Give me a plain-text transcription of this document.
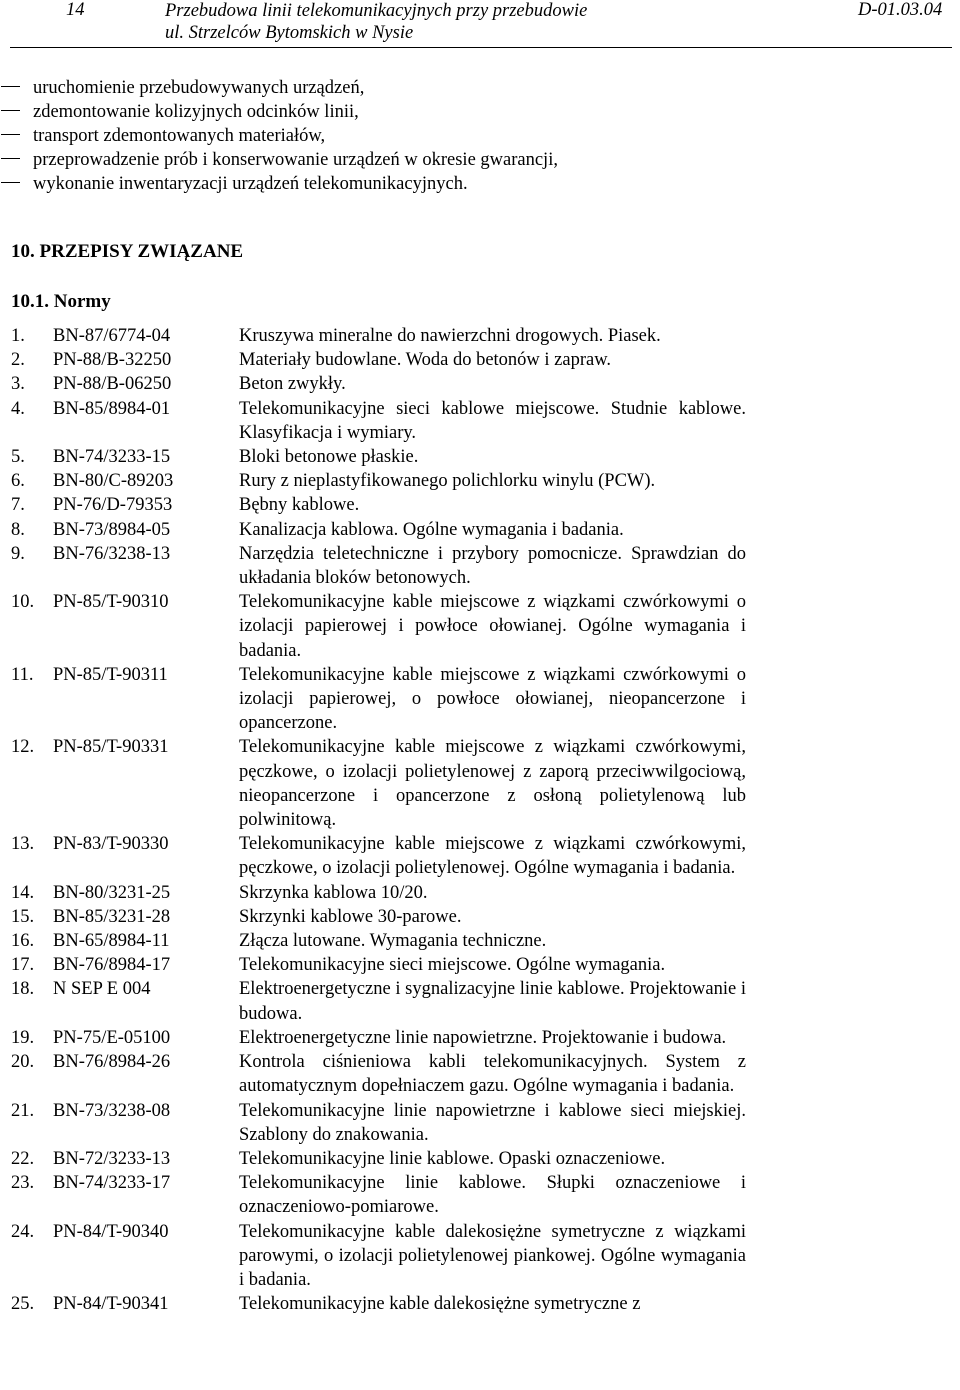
14	Przebudowa linii telekomunikacyjnych przy przebudowie
ul. Strzelców Bytomskich w Nysie
D-01.03.04
uruchomienie przebudowywanych urządzeń,
zdemontowanie kolizyjnych odcinków linii,
transport zdemontowanych materiałów,
przeprowadzenie prób i konserwowanie urządzeń w okresie gwarancji,
wykonanie inwentaryzacji urządzeń telekomunikacyjnych.
10. PRZEPISY ZWIĄZANE
10.1. Normy
1.	BN-87/6774-04	Kruszywa mineralne do nawierzchni drogowych. Piasek.
2.	PN-88/B-32250	Materiały budowlane. Woda do betonów i zapraw.
3.	PN-88/B-06250	Beton zwykły.
4.	BN-85/8984-01	Telekomunikacyjne sieci kablowe miejscowe. Studnie kablowe. Klasyfikacja i wymiary.
5.	BN-74/3233-15	Bloki betonowe płaskie.
6.	BN-80/C-89203	Rury z nieplastyfikowanego polichlorku winylu (PCW).
7.	PN-76/D-79353	Bębny kablowe.
8.	BN-73/8984-05	Kanalizacja kablowa. Ogólne wymagania i badania.
9.	BN-76/3238-13	Narzędzia teletechniczne i przybory pomocnicze. Sprawdzian do układania bloków betonowych.
10.	PN-85/T-90310	Telekomunikacyjne kable miejscowe z wiązkami czwórkowymi o izolacji papierowej i powłoce ołowianej. Ogólne wymagania i badania.
11.	PN-85/T-90311	Telekomunikacyjne kable miejscowe z wiązkami czwórkowymi o izolacji papierowej, o powłoce ołowianej, nieopancerzone i opancerzone.
12.	PN-85/T-90331	Telekomunikacyjne kable miejscowe z wiązkami czwórkowymi, pęczkowe, o izolacji polietylenowej z zaporą przeciwwilgociową, nieopancerzone i opancerzone z osłoną polietylenową lub polwinitową.
13.	PN-83/T-90330	Telekomunikacyjne kable miejscowe z wiązkami czwórkowymi, pęczkowe, o izolacji polietylenowej. Ogólne wymagania i badania.
14.	BN-80/3231-25	Skrzynka kablowa 10/20.
15.	BN-85/3231-28	Skrzynki kablowe 30-parowe.
16.	BN-65/8984-11	Złącza lutowane. Wymagania techniczne.
17.	BN-76/8984-17	Telekomunikacyjne sieci miejscowe. Ogólne wymagania.
18.	N SEP E 004	Elektroenergetyczne i sygnalizacyjne linie kablowe. Projektowanie i budowa.
19.	PN-75/E-05100	Elektroenergetyczne linie napowietrzne. Projektowanie i budowa.
20.	BN-76/8984-26	Kontrola ciśnieniowa kabli telekomunikacyjnych. System z automatycznym dopełniaczem gazu. Ogólne wymagania i badania.
21.	BN-73/3238-08	Telekomunikacyjne linie napowietrzne i kablowe sieci miejskiej. Szablony do znakowania.
22.	BN-72/3233-13	Telekomunikacyjne linie kablowe. Opaski oznaczeniowe.
23.	BN-74/3233-17	Telekomunikacyjne linie kablowe. Słupki oznaczeniowe i oznaczeniowo-pomiarowe.
24.	PN-84/T-90340	Telekomunikacyjne kable dalekosiężne symetryczne z wiązkami parowymi, o izolacji polietylenowej piankowej. Ogólne wymagania i badania.
25.	PN-84/T-90341	Telekomunikacyjne kable dalekosiężne symetryczne z
